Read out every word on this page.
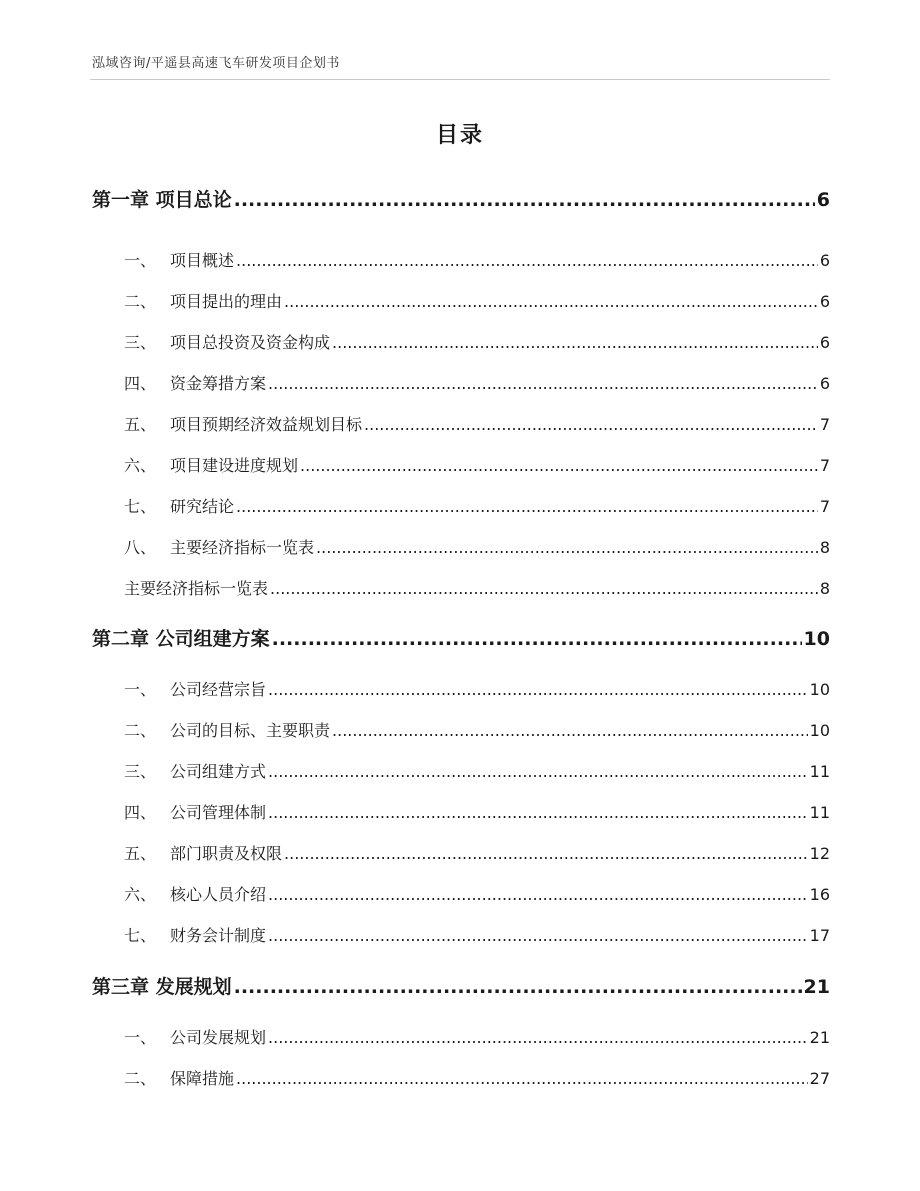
泓域咨询/平遥县高速飞车研发项目企划书
目录
第一章 项目总论 .....	6
一、 项目概述 .....	6
二、 项目提出的理由 .....	6
三、 项目总投资及资金构成 .....	6
四、 资金筹措方案 .....	6
五、 项目预期经济效益规划目标 .....	7
六、 项目建设进度规划 .....	7
七、 研究结论 .....	7
八、 主要经济指标一览表 .....	8
主要经济指标一览表 .....	8
第二章 公司组建方案 .....	10
一、 公司经营宗旨 .....	10
二、 公司的目标、主要职责 .....	10
三、 公司组建方式 .....	11
四、 公司管理体制 .....	11
五、 部门职责及权限 .....	12
六、 核心人员介绍 .....	16
七、 财务会计制度 .....	17
第三章 发展规划 .....	21
一、 公司发展规划 .....	21
二、 保障措施 .....	27
